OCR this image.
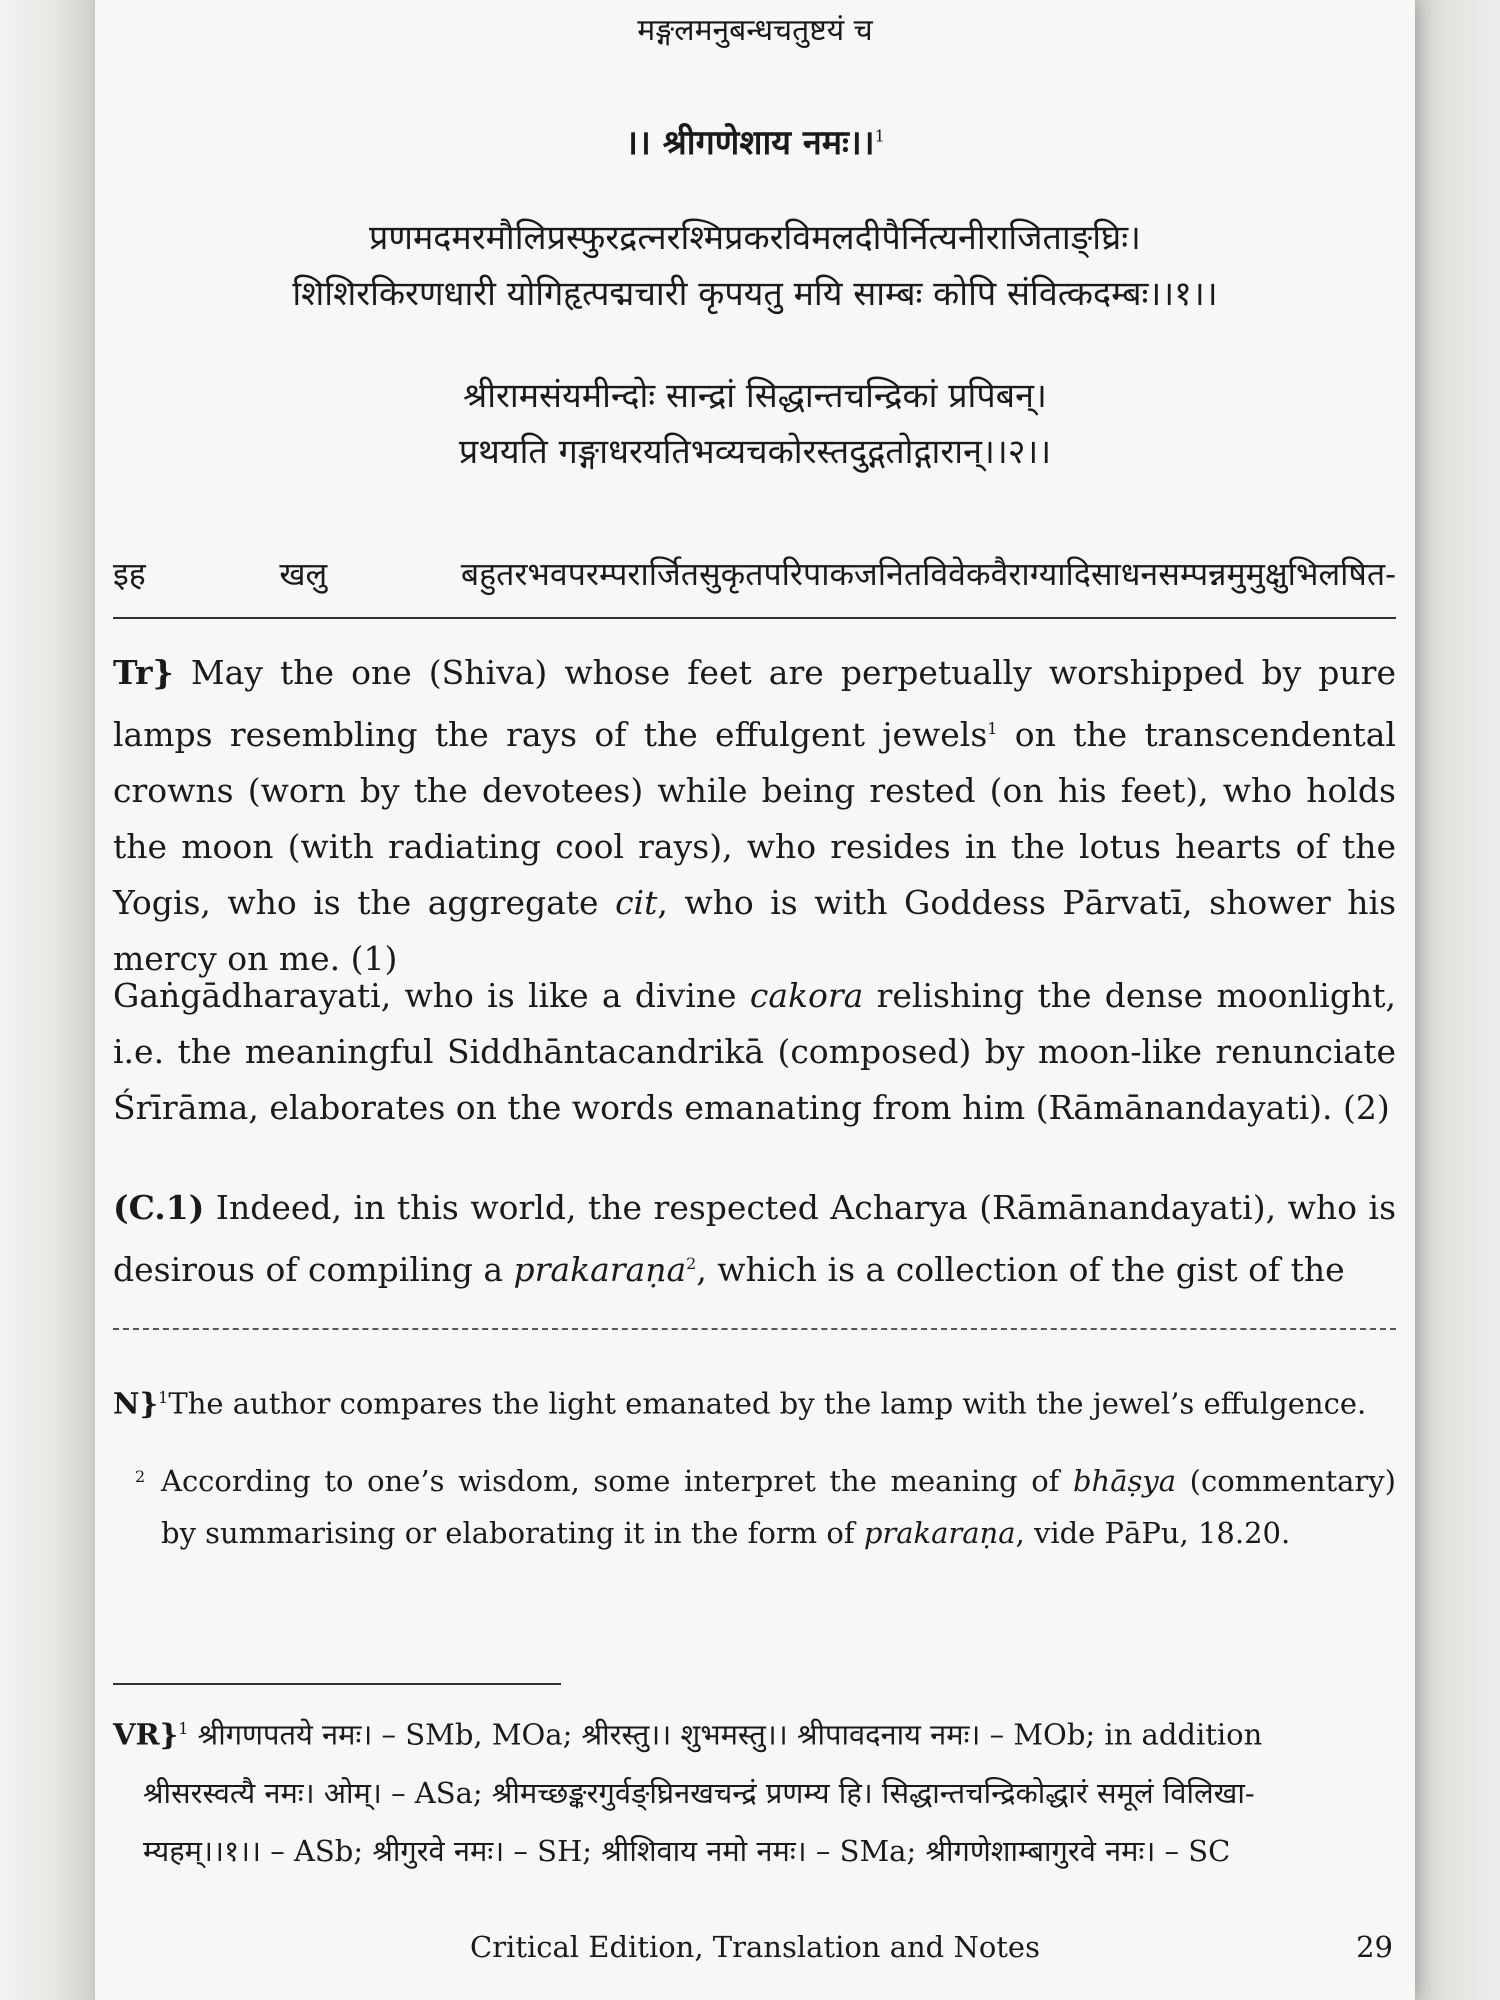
मङ्गलमनुबन्धचतुष्टयं च
।। श्रीगणेशाय नमः।।$^1$
प्रणमदमरमौलिप्रस्फुरद्रत्नरश्मिप्रकरविमलदीपैर्नित्यनीराजिताङ्घ्रिः।
शिशिरकिरणधारी योगिहृत्पद्मचारी कृपयतु मयि साम्बः कोपि संवित्कदम्बः।।१।।
श्रीरामसंयमीन्दोः सान्द्रां सिद्धान्तचन्द्रिकां प्रपिबन्।
प्रथयति गङ्गाधरयतिभव्यचकोरस्तदुद्गतोद्गारान्।।२।।
इह	खलु	बहुतरभवपरम्परार्जितसुकृतपरिपाकजनितविवेकवैराग्यादिसाधनसम्पन्नमुमुक्षुभिलषित-
Tr} May the one (Shiva) whose feet are perpetually worshipped by pure lamps resembling the rays of the effulgent jewels$^1$ on the transcendental crowns (worn by the devotees) while being rested (on his feet), who holds the moon (with radiating cool rays), who resides in the lotus hearts of the Yogis, who is the aggregate cit, who is with Goddess Pārvatī, shower his mercy on me. (1)
Gaṅgādharayati, who is like a divine cakora relishing the dense moonlight, i.e. the meaningful Siddhāntacandrikā (composed) by moon-like renunciate Śrīrāma, elaborates on the words emanating from him (Rāmānandayati). (2)
(C.1) Indeed, in this world, the respected Acharya (Rāmānandayati), who is desirous of compiling a prakaraṇa$^2$, which is a collection of the gist of the
N}$^1$The author compares the light emanated by the lamp with the jewel’s effulgence.
2 According to one’s wisdom, some interpret the meaning of bhāṣya (commentary) by summarising or elaborating it in the form of prakaraṇa, vide PāPu, 18.20.
VR}$^1$ श्रीगणपतये नमः। – SMb, MOa; श्रीरस्तु।। शुभमस्तु।। श्रीपावदनाय नमः। – MOb; in addition
श्रीसरस्वत्यै नमः। ओम्। – ASa; श्रीमच्छङ्करगुर्वङ्घ्रिनखचन्द्रं प्रणम्य हि। सिद्धान्तचन्द्रिकोद्धारं समूलं विलिखा-
म्यहम्।।१।। – ASb; श्रीगुरवे नमः। – SH; श्रीशिवाय नमो नमः। – SMa; श्रीगणेशाम्बागुरवे नमः। – SC
Critical Edition, Translation and Notes	29
